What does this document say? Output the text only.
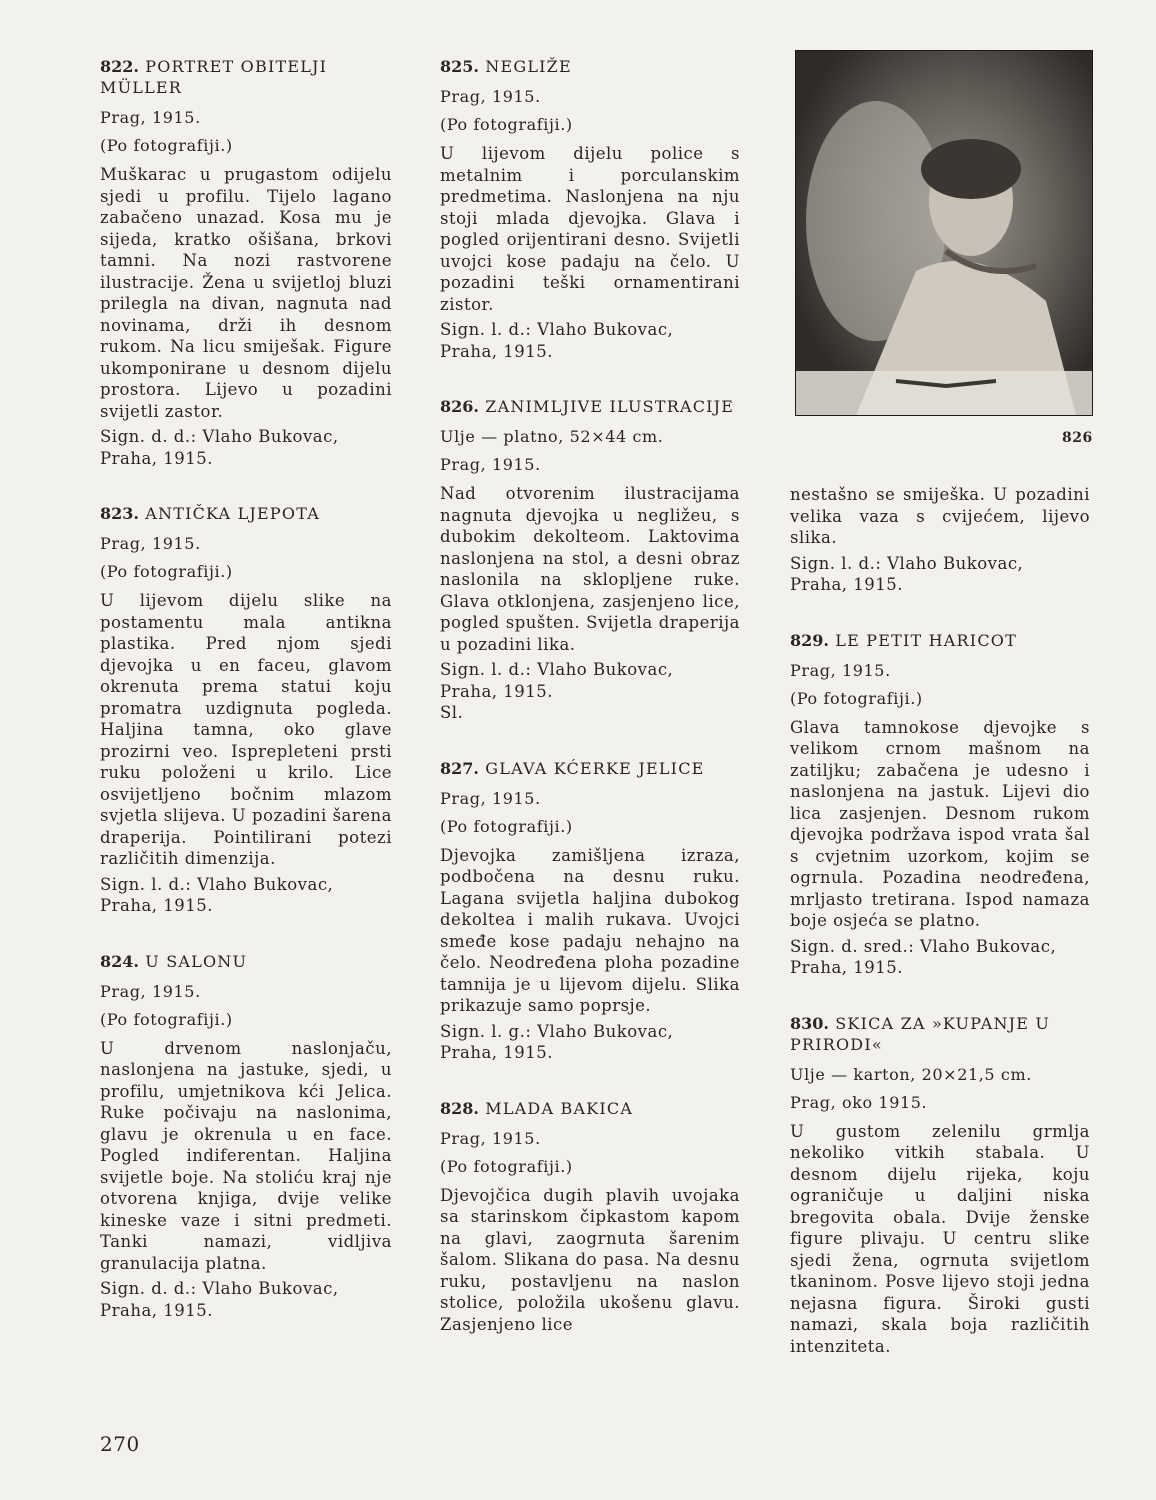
822. PORTRET OBITELJI MÜLLER

Prag, 1915.

(Po fotografiji.)

Muškarac u prugastom odijelu sjedi u profilu. Tijelo lagano zabačeno unazad. Kosa mu je sijeda, kratko ošišana, brkovi tamni. Na nozi rastvorene ilustracije. Žena u svijetloj bluzi prilegla na divan, nagnuta nad novinama, drži ih desnom rukom. Na licu smiješak. Figure ukomponirane u desnom dijelu prostora. Lijevo u pozadini svijetli zastor.

Sign. d. d.: Vlaho Bukovac,

Praha, 1915.

823. ANTIČKA LJEPOTA

Prag, 1915.

(Po fotografiji.)

U lijevom dijelu slike na postamentu mala antikna plastika. Pred njom sjedi djevojka u en faceu, glavom okrenuta prema statui koju promatra uzdignuta pogleda. Haljina tamna, oko glave prozirni veo. Isprepleteni prsti ruku položeni u krilo. Lice osvijetljeno bočnim mlazom svjetla slijeva. U pozadini šarena draperija. Pointilirani potezi različitih dimenzija.

Sign. l. d.: Vlaho Bukovac,

Praha, 1915.

824. U SALONU

Prag, 1915.

(Po fotografiji.)

U drvenom naslonjaču, naslonjena na jastuke, sjedi, u profilu, umjetnikova kći Jelica. Ruke počivaju na naslonima, glavu je okrenula u en face. Pogled indiferentan. Haljina svijetle boje. Na stoliću kraj nje otvorena knjiga, dvije velike kineske vaze i sitni predmeti. Tanki namazi, vidljiva granulacija platna.

Sign. d. d.: Vlaho Bukovac,

Praha, 1915.

825. NEGLIŽE

Prag, 1915.

(Po fotografiji.)

U lijevom dijelu police s metalnim i porculanskim predmetima. Naslonjena na nju stoji mlada djevojka. Glava i pogled orijentirani desno. Svijetli uvojci kose padaju na čelo. U pozadini teški ornamentirani zistor.

Sign. l. d.: Vlaho Bukovac,

Praha, 1915.

826. ZANIMLJIVE ILUSTRACIJE

Ulje — platno, 52×44 cm.

Prag, 1915.

Nad otvorenim ilustracijama nagnuta djevojka u negližeu, s dubokim dekolteom. Laktovima naslonjena na stol, a desni obraz naslonila na sklopljene ruke. Glava otklonjena, zasjenjeno lice, pogled spušten. Svijetla draperija u pozadini lika.

Sign. l. d.: Vlaho Bukovac,

Praha, 1915.

Sl.

827. GLAVA KĆERKE JELICE

Prag, 1915.

(Po fotografiji.)

Djevojka zamišljena izraza, podbočena na desnu ruku. Lagana svijetla haljina dubokog dekoltea i malih rukava. Uvojci smeđe kose padaju nehajno na čelo. Neodređena ploha pozadine tamnija je u lijevom dijelu. Slika prikazuje samo poprsje.

Sign. l. g.: Vlaho Bukovac,

Praha, 1915.

828. MLADA BAKICA

Prag, 1915.

(Po fotografiji.)

Djevojčica dugih plavih uvojaka sa starinskom čipkastom kapom na glavi, zaogrnuta šarenim šalom. Slikana do pasa. Na desnu ruku, postavljenu na naslon stolice, položila ukošenu glavu. Zasjenjeno lice

826

nestašno se smiješka. U pozadini velika vaza s cvijećem, lijevo slika.

Sign. l. d.: Vlaho Bukovac,

Praha, 1915.

829. LE PETIT HARICOT

Prag, 1915.

(Po fotografiji.)

Glava tamnokose djevojke s velikom crnom mašnom na zatiljku; zabačena je udesno i naslonjena na jastuk. Lijevi dio lica zasjenjen. Desnom rukom djevojka podržava ispod vrata šal s cvjetnim uzorkom, kojim se ogrnula. Pozadina neodređena, mrljasto tretirana. Ispod namaza boje osjeća se platno.

Sign. d. sred.: Vlaho Bukovac,

Praha, 1915.

830. SKICA ZA »KUPANJE U PRIRODI«

Ulje — karton, 20×21,5 cm.

Prag, oko 1915.

U gustom zelenilu grmlja nekoliko vitkih stabala. U desnom dijelu rijeka, koju ograničuje u daljini niska bregovita obala. Dvije ženske figure plivaju. U centru slike sjedi žena, ogrnuta svijetlom tkaninom. Posve lijevo stoji jedna nejasna figura. Široki gusti namazi, skala boja različitih intenziteta.

270
